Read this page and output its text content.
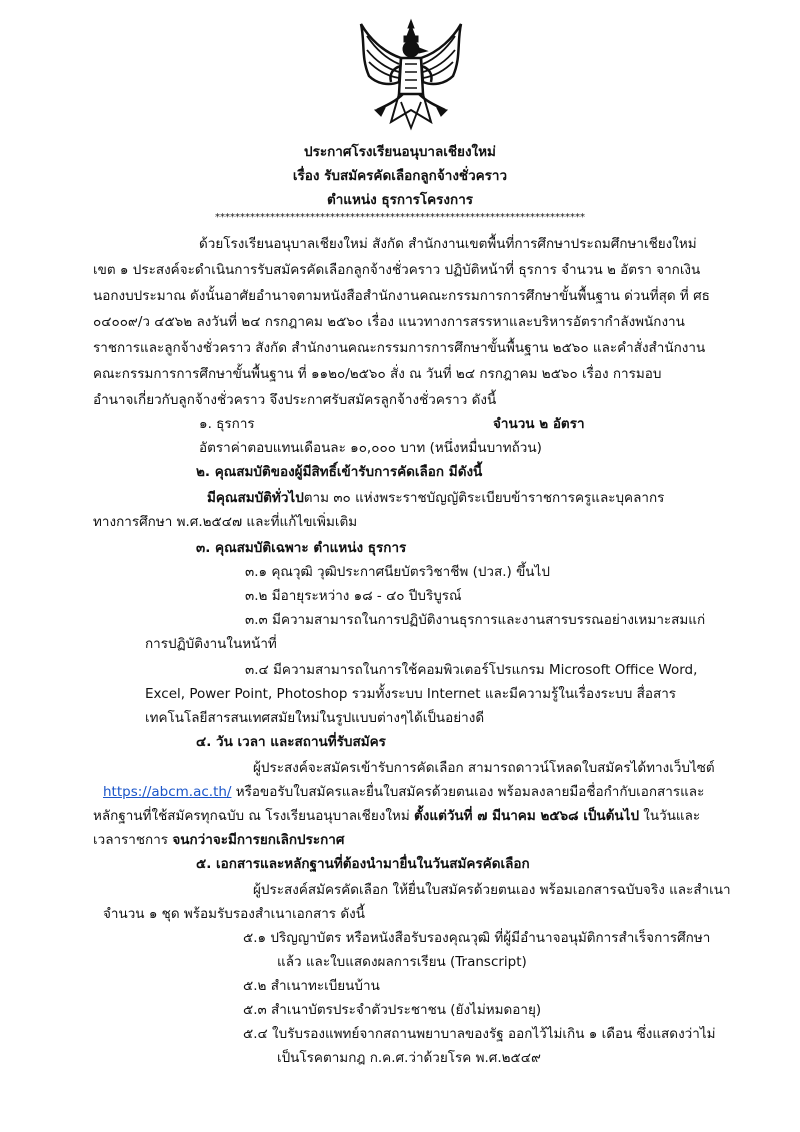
ประกาศโรงเรียนอนุบาลเชียงใหม่
เรื่อง รับสมัครคัดเลือกลูกจ้างชั่วคราว
ตำแหน่ง ธุรการโครงการ
**************************************************************************
ด้วยโรงเรียนอนุบาลเชียงใหม่ สังกัด สำนักงานเขตพื้นที่การศึกษาประถมศึกษาเชียงใหม่
เขต ๑ ประสงค์จะดำเนินการรับสมัครคัดเลือกลูกจ้างชั่วคราว ปฏิบัติหน้าที่ ธุรการ จำนวน ๒ อัตรา จากเงิน
นอกงบประมาณ ดังนั้นอาศัยอำนาจตามหนังสือสำนักงานคณะกรรมการการศึกษาขั้นพื้นฐาน ด่วนที่สุด ที่ ศธ
๐๔๐๐๙/ว ๔๕๖๒ ลงวันที่ ๒๔ กรกฎาคม ๒๕๖๐ เรื่อง แนวทางการสรรหาและบริหารอัตรากำลังพนักงาน
ราชการและลูกจ้างชั่วคราว สังกัด สำนักงานคณะกรรมการการศึกษาขั้นพื้นฐาน ๒๕๖๐ และคำสั่งสำนักงาน
คณะกรรมการการศึกษาขั้นพื้นฐาน ที่ ๑๑๒๐/๒๕๖๐ สั่ง ณ วันที่ ๒๔ กรกฎาคม ๒๕๖๐ เรื่อง การมอบ
อำนาจเกี่ยวกับลูกจ้างชั่วคราว จึงประกาศรับสมัครลูกจ้างชั่วคราว ดังนี้
๑. ธุรการ	จำนวน ๒ อัตรา
อัตราค่าตอบแทนเดือนละ ๑๐,๐๐๐ บาท (หนึ่งหมื่นบาทถ้วน)
๒. คุณสมบัติของผู้มีสิทธิ์เข้ารับการคัดเลือก มีดังนี้
มีคุณสมบัติทั่วไปตาม ๓๐ แห่งพระราชบัญญัติระเบียบข้าราชการครูและบุคลากร
ทางการศึกษา พ.ศ.๒๕๔๗ และที่แก้ไขเพิ่มเติม
๓. คุณสมบัติเฉพาะ ตำแหน่ง ธุรการ
๓.๑ คุณวุฒิ วุฒิประกาศนียบัตรวิชาชีพ (ปวส.) ขึ้นไป
๓.๒ มีอายุระหว่าง ๑๘ - ๔๐ ปีบริบูรณ์
๓.๓ มีความสามารถในการปฏิบัติงานธุรการและงานสารบรรณอย่างเหมาะสมแก่
การปฏิบัติงานในหน้าที่
๓.๔ มีความสามารถในการใช้คอมพิวเตอร์โปรแกรม Microsoft Office Word,
Excel, Power Point, Photoshop รวมทั้งระบบ Internet และมีความรู้ในเรื่องระบบ สื่อสาร
เทคโนโลยีสารสนเทศสมัยใหม่ในรูปแบบต่างๆได้เป็นอย่างดี
๔. วัน เวลา และสถานที่รับสมัคร
ผู้ประสงค์จะสมัครเข้ารับการคัดเลือก สามารถดาวน์โหลดใบสมัครได้ทางเว็บไซต์
https://abcm.ac.th/ หรือขอรับใบสมัครและยื่นใบสมัครด้วยตนเอง พร้อมลงลายมือชื่อกำกับเอกสารและ
หลักฐานที่ใช้สมัครทุกฉบับ ณ โรงเรียนอนุบาลเชียงใหม่ ตั้งแต่วันที่ ๗ มีนาคม ๒๕๖๘ เป็นต้นไป ในวันและ
เวลาราชการ จนกว่าจะมีการยกเลิกประกาศ
๕. เอกสารและหลักฐานที่ต้องนำมายื่นในวันสมัครคัดเลือก
ผู้ประสงค์สมัครคัดเลือก ให้ยื่นใบสมัครด้วยตนเอง พร้อมเอกสารฉบับจริง และสำเนา
จำนวน ๑ ชุด พร้อมรับรองสำเนาเอกสาร ดังนี้
๕.๑ ปริญญาบัตร หรือหนังสือรับรองคุณวุฒิ ที่ผู้มีอำนาจอนุมัติการสำเร็จการศึกษา
แล้ว และใบแสดงผลการเรียน (Transcript)
๕.๒ สำเนาทะเบียนบ้าน
๕.๓ สำเนาบัตรประจำตัวประชาชน (ยังไม่หมดอายุ)
๕.๔ ใบรับรองแพทย์จากสถานพยาบาลของรัฐ ออกไว้ไม่เกิน ๑ เดือน ซึ่งแสดงว่าไม่
เป็นโรคตามกฎ ก.ค.ศ.ว่าด้วยโรค พ.ศ.๒๕๔๙
